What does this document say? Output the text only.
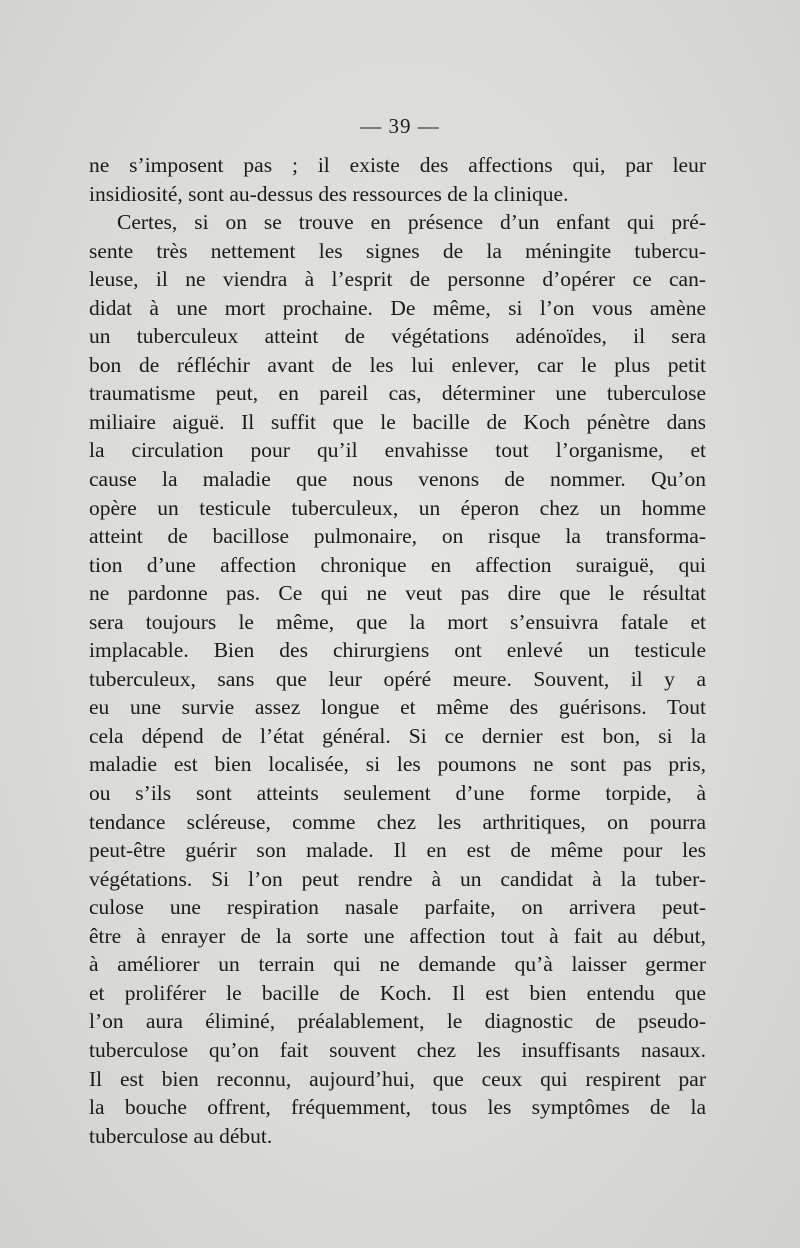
— 39 —
ne s’imposent pas ; il existe des affections qui, par leur
insidiosité, sont au-dessus des ressources de la clinique.
Certes, si on se trouve en présence d’un enfant qui pré-
sente très nettement les signes de la méningite tubercu-
leuse, il ne viendra à l’esprit de personne d’opérer ce can-
didat à une mort prochaine. De même, si l’on vous amène
un tuberculeux atteint de végétations adénoïdes, il sera
bon de réfléchir avant de les lui enlever, car le plus petit
traumatisme peut, en pareil cas, déterminer une tuberculose
miliaire aiguë. Il suffit que le bacille de Koch pénètre dans
la circulation pour qu’il envahisse tout l’organisme, et
cause la maladie que nous venons de nommer. Qu’on
opère un testicule tuberculeux, un éperon chez un homme
atteint de bacillose pulmonaire, on risque la transforma-
tion d’une affection chronique en affection suraiguë, qui
ne pardonne pas. Ce qui ne veut pas dire que le résultat
sera toujours le même, que la mort s’ensuivra fatale et
implacable. Bien des chirurgiens ont enlevé un testicule
tuberculeux, sans que leur opéré meure. Souvent, il y a
eu une survie assez longue et même des guérisons. Tout
cela dépend de l’état général. Si ce dernier est bon, si la
maladie est bien localisée, si les poumons ne sont pas pris,
ou s’ils sont atteints seulement d’une forme torpide, à
tendance scléreuse, comme chez les arthritiques, on pourra
peut-être guérir son malade. Il en est de même pour les
végétations. Si l’on peut rendre à un candidat à la tuber-
culose une respiration nasale parfaite, on arrivera peut-
être à enrayer de la sorte une affection tout à fait au début,
à améliorer un terrain qui ne demande qu’à laisser germer
et proliférer le bacille de Koch. Il est bien entendu que
l’on aura éliminé, préalablement, le diagnostic de pseudo-
tuberculose qu’on fait souvent chez les insuffisants nasaux.
Il est bien reconnu, aujourd’hui, que ceux qui respirent par
la bouche offrent, fréquemment, tous les symptômes de la
tuberculose au début.
